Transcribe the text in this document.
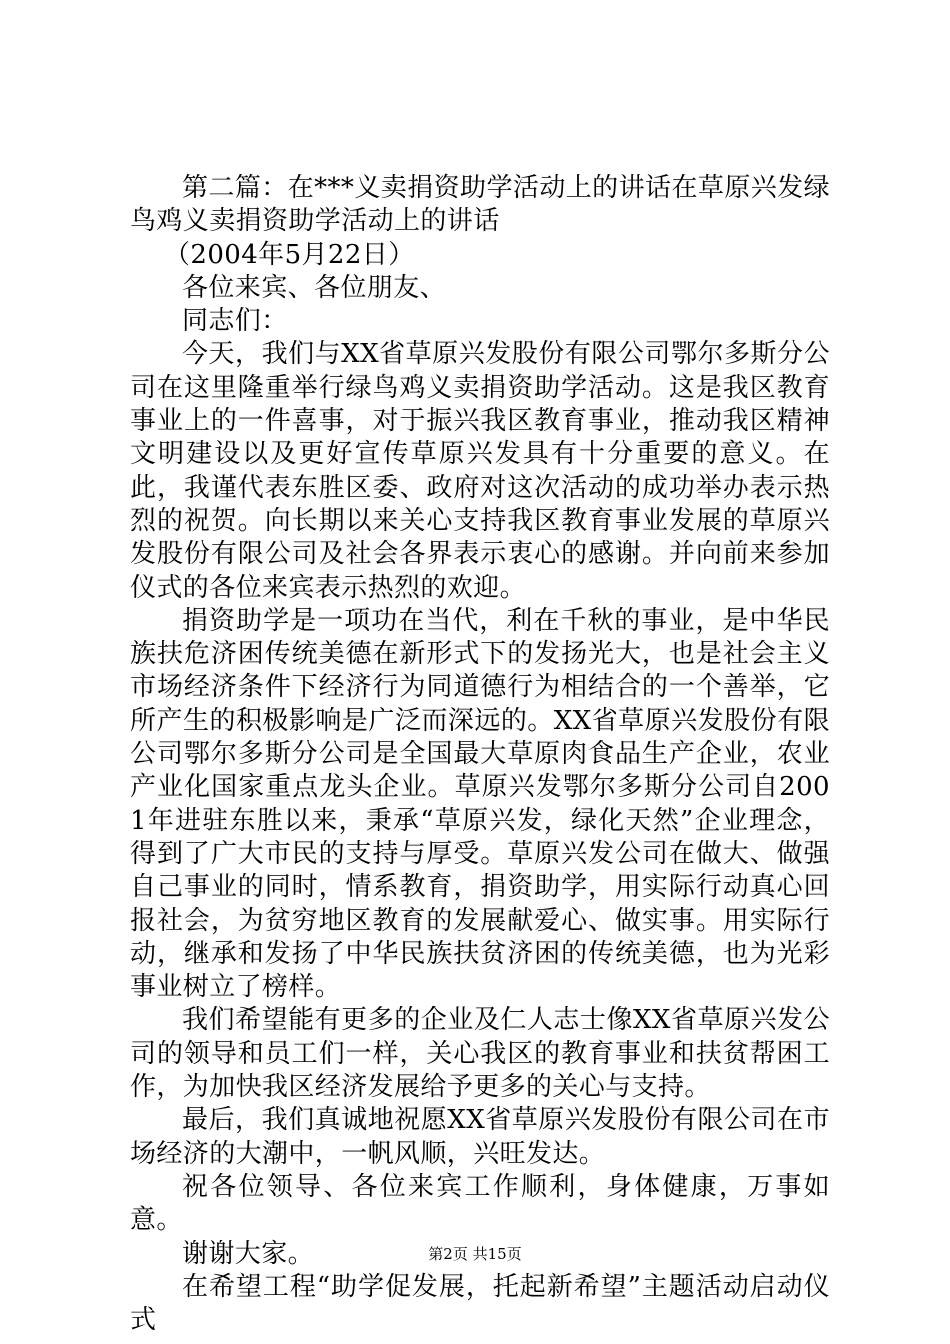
第二篇：在***义卖捐资助学活动上的讲话在草原兴发绿鸟鸡义卖捐资助学活动上的讲话

（2004年5月22日）

各位来宾、各位朋友、

同志们：

今天，我们与XX省草原兴发股份有限公司鄂尔多斯分公司在这里隆重举行绿鸟鸡义卖捐资助学活动。这是我区教育事业上的一件喜事，对于振兴我区教育事业，推动我区精神文明建设以及更好宣传草原兴发具有十分重要的意义。在此，我谨代表东胜区委、政府对这次活动的成功举办表示热烈的祝贺。向长期以来关心支持我区教育事业发展的草原兴发股份有限公司及社会各界表示衷心的感谢。并向前来参加仪式的各位来宾表示热烈的欢迎。

捐资助学是一项功在当代，利在千秋的事业，是中华民族扶危济困传统美德在新形式下的发扬光大，也是社会主义市场经济条件下经济行为同道德行为相结合的一个善举，它所产生的积极影响是广泛而深远的。XX省草原兴发股份有限公司鄂尔多斯分公司是全国最大草原肉食品生产企业，农业产业化国家重点龙头企业。草原兴发鄂尔多斯分公司自2001年进驻东胜以来，秉承“草原兴发，绿化天然”企业理念，得到了广大市民的支持与厚受。草原兴发公司在做大、做强自己事业的同时，情系教育，捐资助学，用实际行动真心回报社会，为贫穷地区教育的发展献爱心、做实事。用实际行动，继承和发扬了中华民族扶贫济困的传统美德，也为光彩事业树立了榜样。

我们希望能有更多的企业及仁人志士像XX省草原兴发公司的领导和员工们一样，关心我区的教育事业和扶贫帮困工作，为加快我区经济发展给予更多的关心与支持。

最后，我们真诚地祝愿XX省草原兴发股份有限公司在市场经济的大潮中，一帆风顺，兴旺发达。

祝各位领导、各位来宾工作顺利，身体健康，万事如意。

谢谢大家。

在希望工程“助学促发展，托起新希望”主题活动启动仪式

第2页 共15页
